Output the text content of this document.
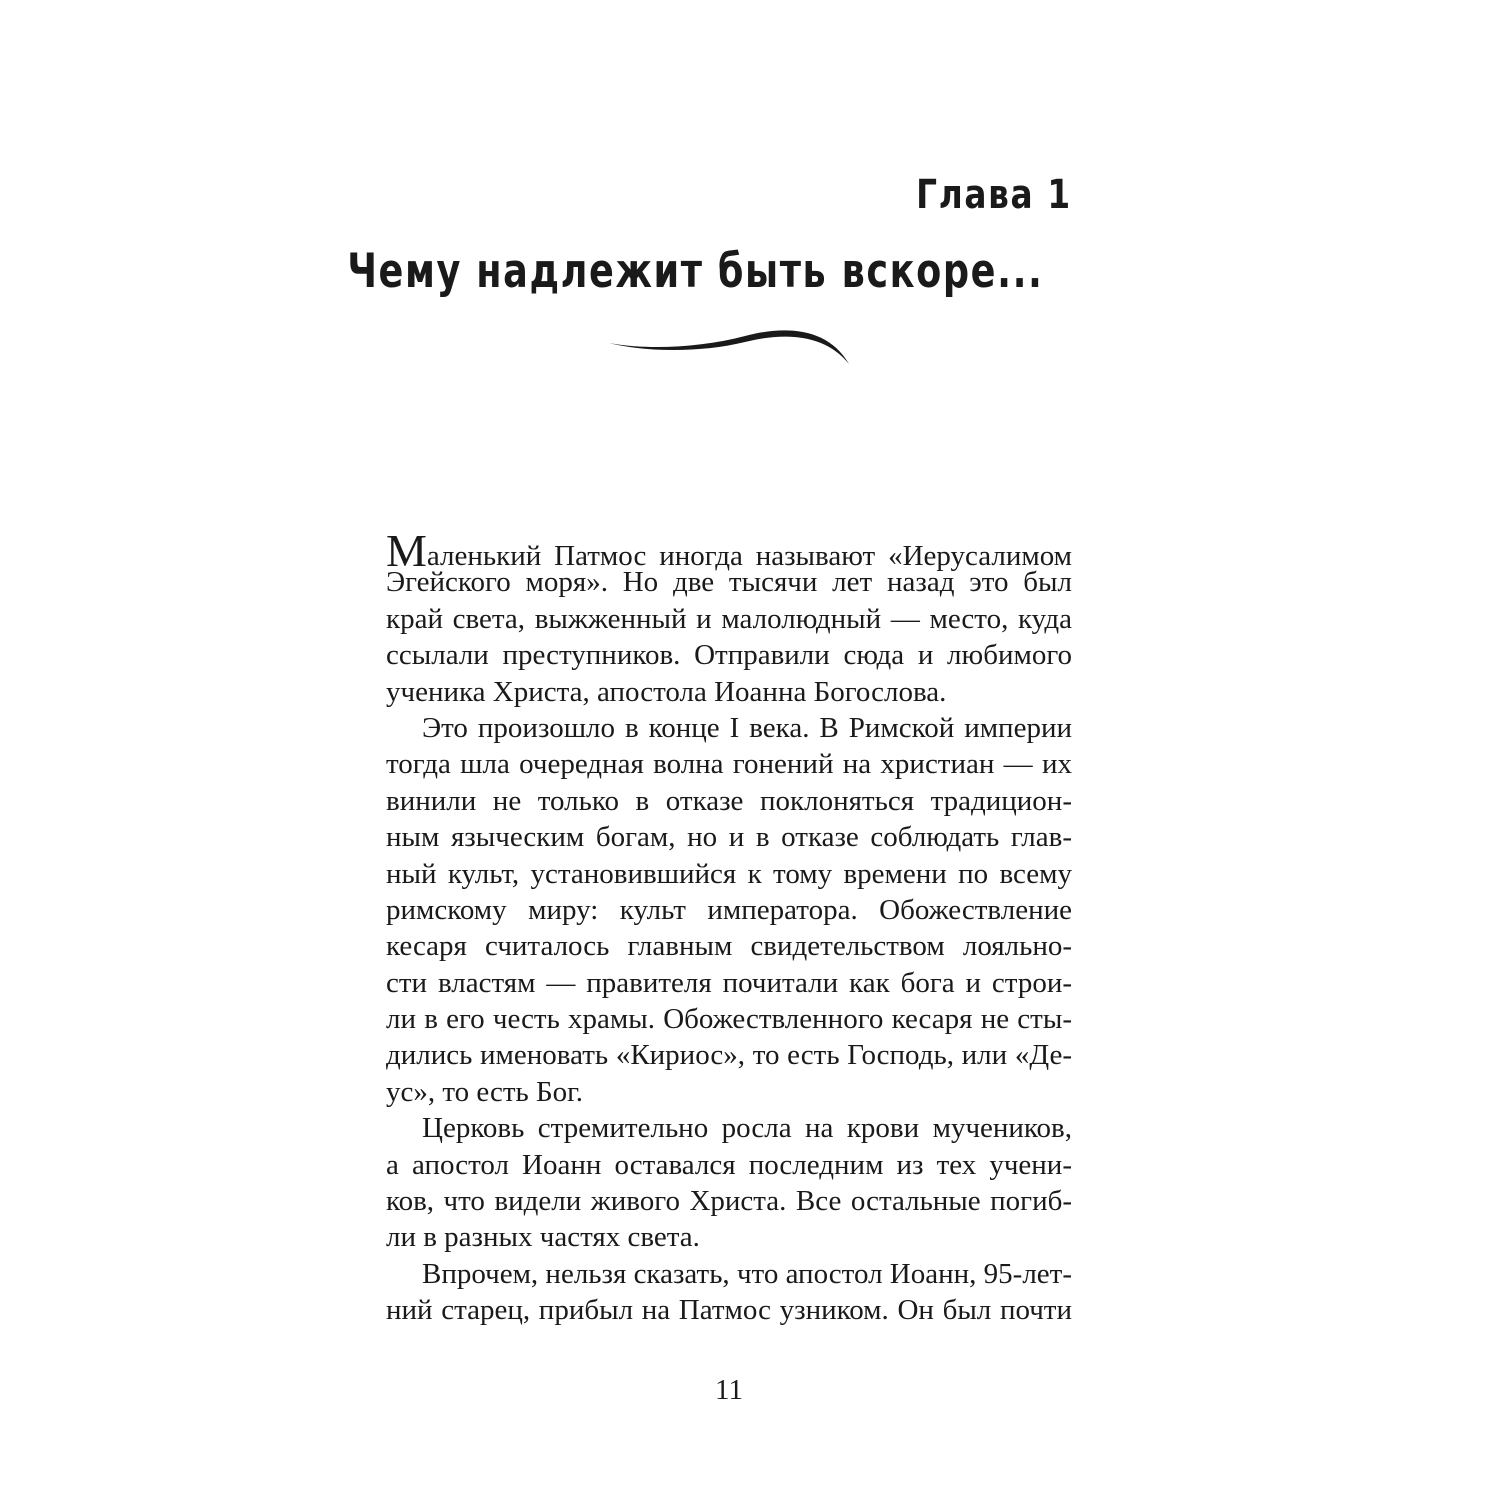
Глава 1
Чему надлежит быть вскоре...
Маленький Патмос иногда называют «Иерусалимом
Эгейского моря». Но две тысячи лет назад это был
край света, выжженный и малолюдный — место, куда
ссылали преступников. Отправили сюда и любимого
ученика Христа, апостола Иоанна Богослова.
Это произошло в конце I века. В Римской империи
тогда шла очередная волна гонений на христиан — их
винили не только в отказе поклоняться традицион-
ным языческим богам, но и в отказе соблюдать глав-
ный культ, установившийся к тому времени по всему
римскому миру: культ императора. Обожествление
кесаря считалось главным свидетельством лояльно-
сти властям — правителя почитали как бога и строи-
ли в его честь храмы. Обожествленного кесаря не сты-
дились именовать «Кириос», то есть Господь, или «Де-
ус», то есть Бог.
Церковь стремительно росла на крови мучеников,
а апостол Иоанн оставался последним из тех учени-
ков, что видели живого Христа. Все остальные погиб-
ли в разных частях света.
Впрочем, нельзя сказать, что апостол Иоанн, 95-лет-
ний старец, прибыл на Патмос узником. Он был почти
11
